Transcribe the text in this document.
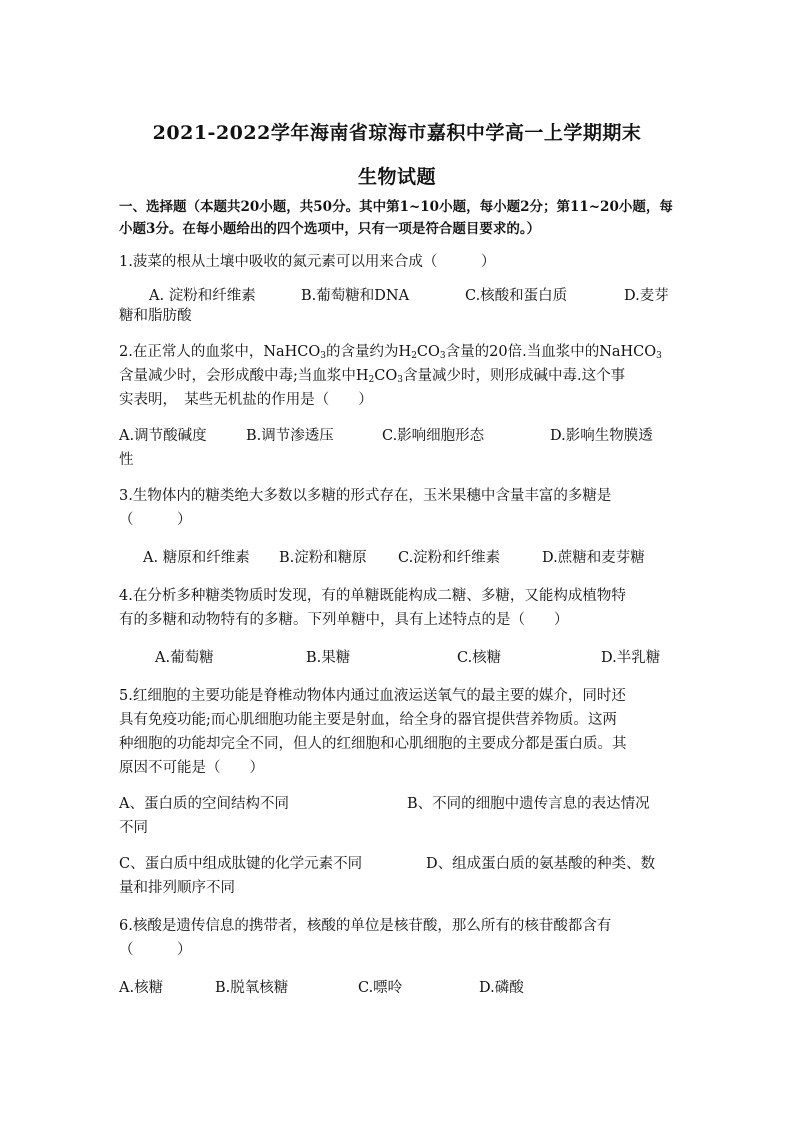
2021-2022学年海南省琼海市嘉积中学高一上学期期末
生物试题
一、选择题（本题共20小题，共50分。其中第1~10小题，每小题2分；第11~20小题，每小题3分。在每小题给出的四个选项中，只有一项是符合题目要求的。）
1.菠菜的根从土壤中吸收的氮元素可以用来合成（　　　）
A. 淀粉和纤维素	B.葡萄糖和DNA	C.核酸和蛋白质	D.麦芽
糖和脂肪酸
2.在正常人的血浆中，NaHCO$_3$的含量约为$H_2CO_3$含量的20倍.当血浆中的NaHCO$_3$
含量减少时，会形成酸中毒;当血浆中$H_2CO_3$含量减少时，则形成碱中毒.这个事
实表明，　某些无机盐的作用是（　　）
A.调节酸碱度	B.调节渗透压	C.影响细胞形态	D.影响生物膜透
性
3.生物体内的糖类绝大多数以多糖的形式存在，玉米果穗中含量丰富的多糖是
（　　　）
A. 糖原和纤维素 B.淀粉和糖原 C.淀粉和纤维素	D.蔗糖和麦芽糖
4.在分析多种糖类物质时发现，有的单糖既能构成二糖、多糖，又能构成植物特
有的多糖和动物特有的多糖。下列单糖中，具有上述特点的是（　　）
A.葡萄糖	B.果糖	C.核糖	D.半乳糖
5.红细胞的主要功能是脊椎动物体内通过血液运送氧气的最主要的媒介，同时还
具有免疫功能;而心肌细胞功能主要是射血，给全身的器官提供营养物质。这两
种细胞的功能却完全不同，但人的红细胞和心肌细胞的主要成分都是蛋白质。其
原因不可能是（　　）
A、蛋白质的空间结构不同	B、不同的细胞中遗传言息的表达情况
不同
C、蛋白质中组成肽键的化学元素不同	D、组成蛋白质的氨基酸的种类、数
量和排列顺序不同
6.核酸是遗传信息的携带者，核酸的单位是核苷酸，那么所有的核苷酸都含有
（　　　）
A.核糖	B.脱氧核糖	C.嘌呤	D.磷酸
